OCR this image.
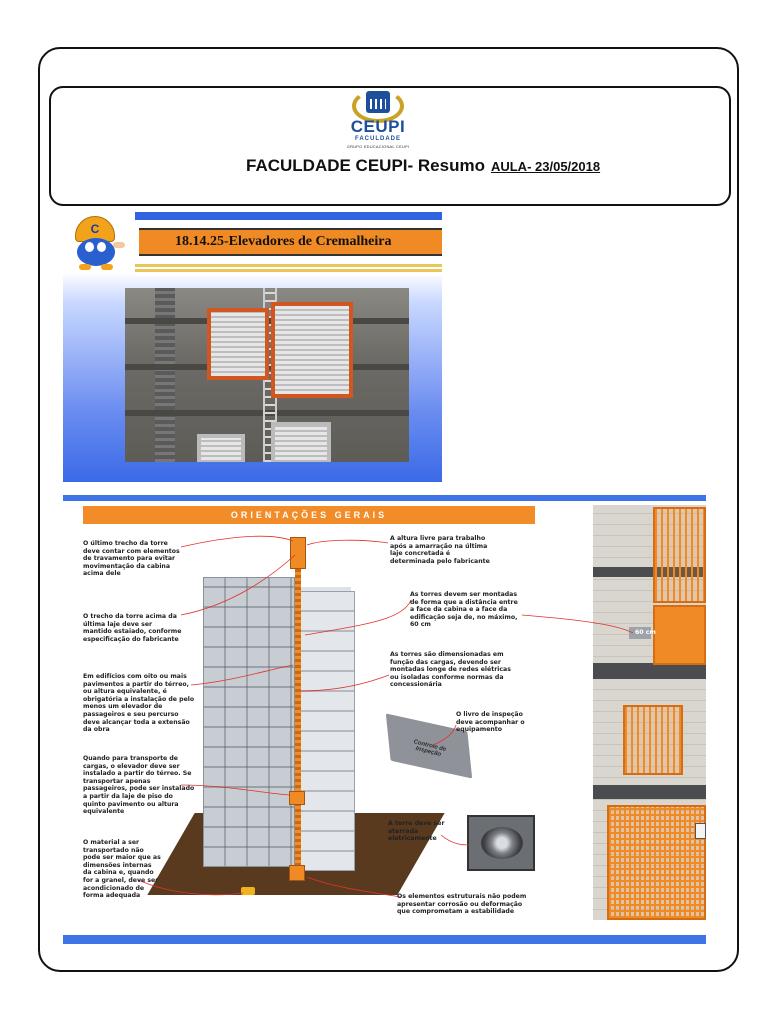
CEUPI
FACULDADE
GRUPO EDUCACIONAL CEUPI
FACULDADE CEUPI- Resumo AULA- 23/05/2018
C
18.14.25-Elevadores de Cremalheira
ORIENTAÇÕES GERAIS
Controle de Inspeção
O último trecho da torre deve contar com elementos de travamento para evitar movimentação da cabina acima dele
O trecho da torre acima da última laje deve ser mantido estaiado, conforme especificação do fabricante
Em edifícios com oito ou mais pavimentos a partir do térreo, ou altura equivalente, é obrigatória a instalação de pelo menos um elevador de passageiros e seu percurso deve alcançar toda a extensão da obra
Quando para transporte de cargas, o elevador deve ser instalado a partir do térreo. Se transportar apenas passageiros, pode ser instalado a partir da laje de piso do quinto pavimento ou altura equivalente
O material a ser transportado não pode ser maior que as dimensões internas da cabina e, quando for a granel, deve ser acondicionado de forma adequada
A altura livre para trabalho após a amarração na última laje concretada é determinada pelo fabricante
As torres devem ser montadas de forma que a distância entre a face da cabina e a face da edificação seja de, no máximo, 60 cm
As torres são dimensionadas em função das cargas, devendo ser montadas longe de redes elétricas ou isoladas conforme normas da concessionária
O livro de inspeção deve acompanhar o equipamento
A torre deve ser aterrada eletricamente
Os elementos estruturais não podem apresentar corrosão ou deformação que comprometam a estabilidade
60 cm
